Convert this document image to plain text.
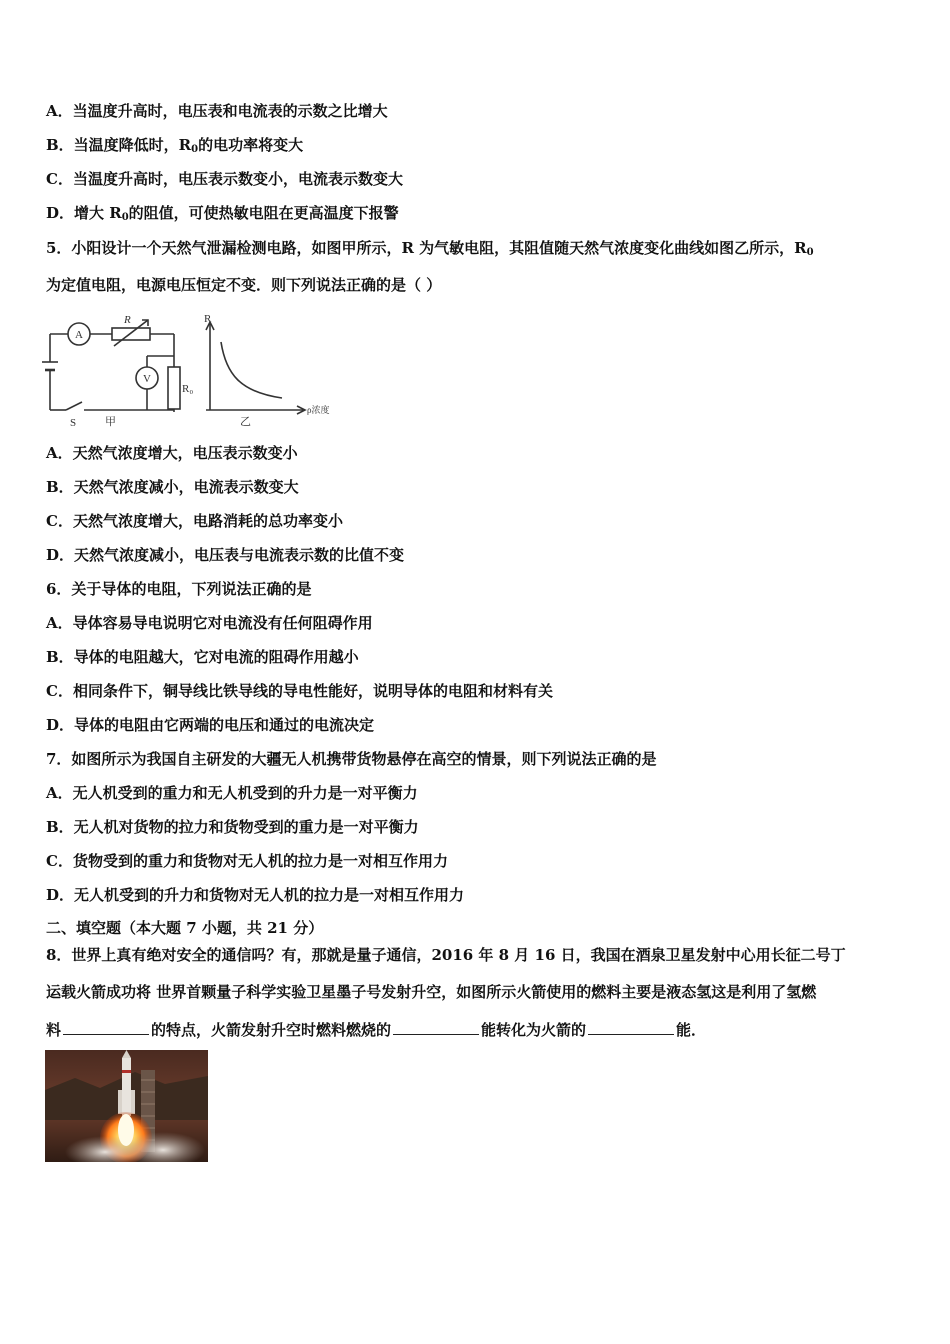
A．当温度升高时，电压表和电流表的示数之比增大
B．当温度降低时，$R_0$的电功率将变大
C．当温度升高时，电压表示数变小，电流表示数变大
D．增大 $R_0$的阻值，可使热敏电阻在更高温度下报警
5．小阳设计一个天然气泄漏检测电路，如图甲所示，R 为气敏电阻，其阻值随天然气浓度变化曲线如图乙所示，$R_0$
为定值电阻，电源电压恒定不变．则下列说法正确的是（ ）
A
V
R
R₀
S	甲
R
ρ浓度
乙
A．天然气浓度增大，电压表示数变小
B．天然气浓度减小，电流表示数变大
C．天然气浓度增大，电路消耗的总功率变小
D．天然气浓度减小，电压表与电流表示数的比值不变
6．关于导体的电阻，下列说法正确的是
A．导体容易导电说明它对电流没有任何阻碍作用
B．导体的电阻越大，它对电流的阻碍作用越小
C．相同条件下，铜导线比铁导线的导电性能好，说明导体的电阻和材料有关
D．导体的电阻由它两端的电压和通过的电流决定
7．如图所示为我国自主研发的大疆无人机携带货物悬停在高空的情景，则下列说法正确的是
A．无人机受到的重力和无人机受到的升力是一对平衡力
B．无人机对货物的拉力和货物受到的重力是一对平衡力
C．货物受到的重力和货物对无人机的拉力是一对相互作用力
D．无人机受到的升力和货物对无人机的拉力是一对相互作用力
二、填空题（本大题 7 小题，共 21 分）
8．世界上真有绝对安全的通信吗？有，那就是量子通信，2016 年 8 月 16 日，我国在酒泉卫星发射中心用长征二号丁
运载火箭成功将 世界首颗量子科学实验卫星墨子号发射升空，如图所示火箭使用的燃料主要是液态氢这是利用了氢燃
料	的特点，火箭发射升空时燃料燃烧的	能转化为火箭的	能．
